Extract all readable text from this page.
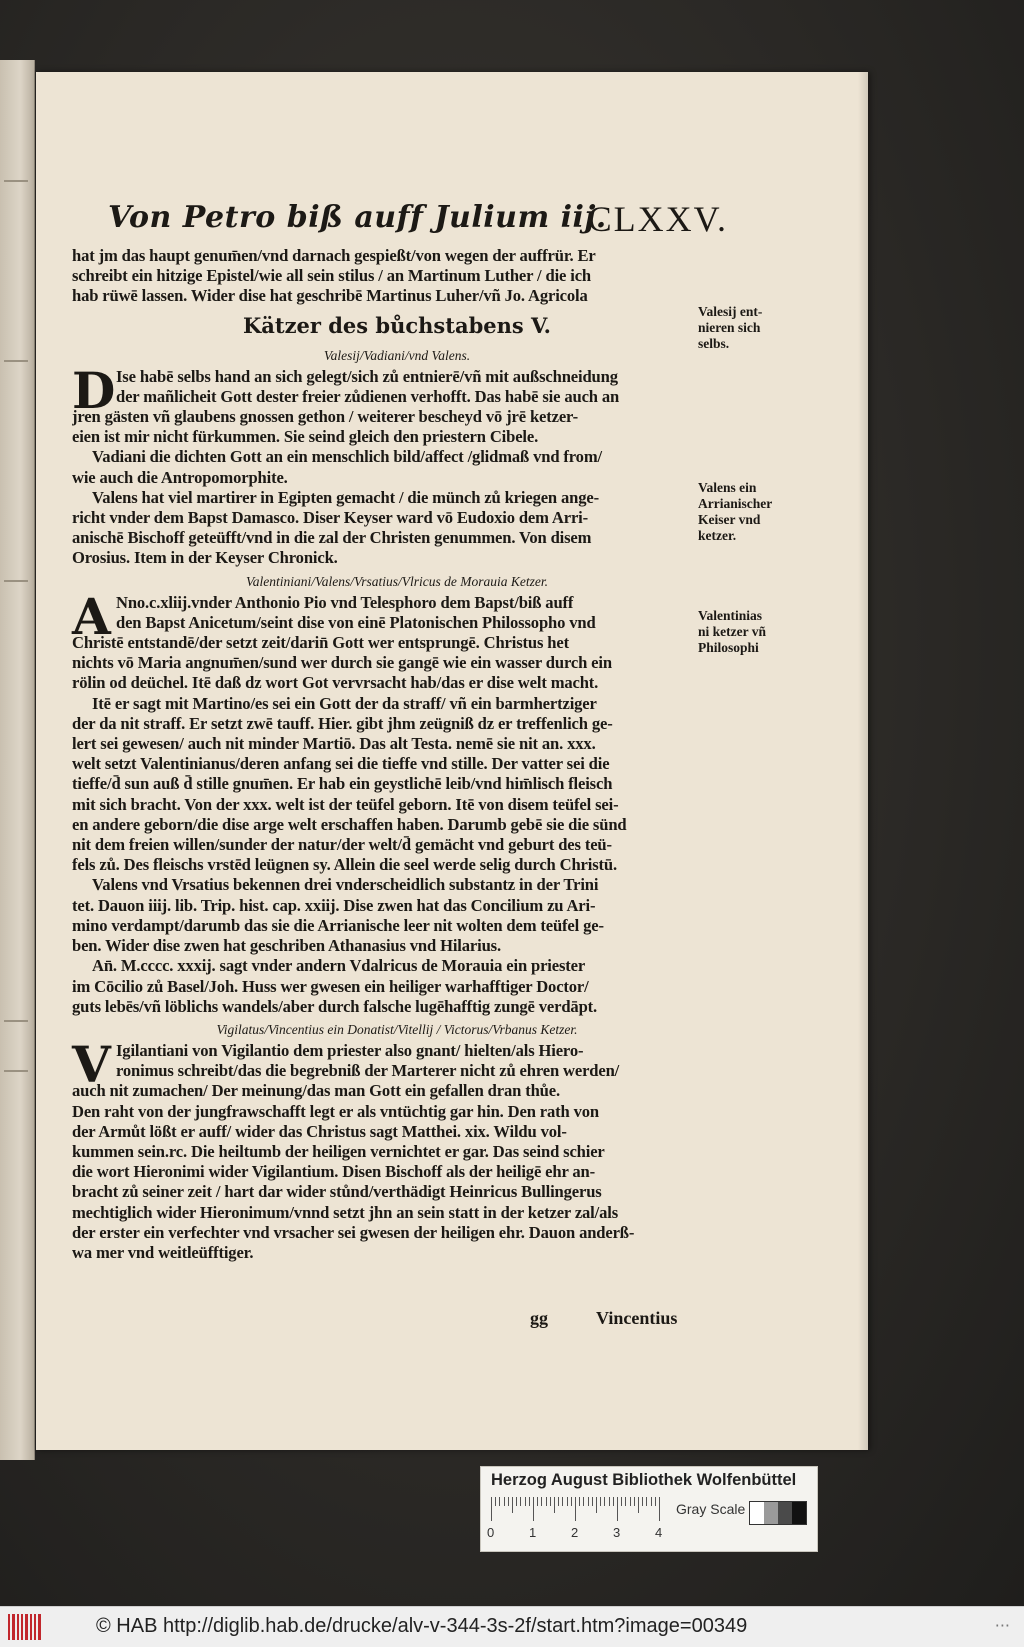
Von Petro biß auff Julium iij.
CLXXV.
hat jm das haupt genum̄en/vnd darnach gespießt/von wegen der auffrür. Er
schreibt ein hitzige Epistel/wie all sein stilus / an Martinum Luther / die ich
hab rüwē lassen. Wider dise hat geschribē Martinus Luher/vñ Jo. Agricola
Kätzer des bůchstabens V.
Valesij/Vadiani/vnd Valens.
D Ise habē selbs hand an sich gelegt/sich zů entnierē/vñ mit außschneidung
der mañlicheit Gott dester freier zůdienen verhofft. Das habē sie auch an
jren gästen vñ glaubens gnossen gethon / weiterer bescheyd vō jrē ketzer-
eien ist mir nicht fürkummen. Sie seind gleich den priestern Cibele.
Vadiani die dichten Gott an ein menschlich bild/affect /glidmaß vnd from/
wie auch die Antropomorphite.
Valens hat viel martirer in Egipten gemacht / die münch zů kriegen ange-
richt vnder dem Bapst Damasco. Diser Keyser ward vō Eudoxio dem Arri-
anischē Bischoff geteüfft/vnd in die zal der Christen genummen. Von disem
Orosius. Item in der Keyser Chronick.
Valentiniani/Valens/Vrsatius/Vlricus de Morauia Ketzer.
A Nno.c.xliij.vnder Anthonio Pio vnd Telesphoro dem Bapst/biß auff
den Bapst Anicetum/seint dise von einē Platonischen Philossopho vnd
Christē entstandē/der setzt zeit/darin̄ Gott wer entsprungē. Christus het
nichts vō Maria angnum̄en/sund wer durch sie gangē wie ein wasser durch ein
rölin od deüchel. Itē daß dz wort Got vervrsacht hab/das er dise welt macht.
Itē er sagt mit Martino/es sei ein Gott der da straff/ vñ ein barmhertziger
der da nit straff. Er setzt zwē tauff. Hier. gibt jhm zeügniß dz er treffenlich ge-
lert sei gewesen/ auch nit minder Martiō. Das alt Testa. nemē sie nit an. xxx.
welt setzt Valentinianus/deren anfang sei die tieffe vnd stille. Der vatter sei die
tieffe/d̄ sun auß d̄ stille gnum̄en. Er hab ein geystlichē leib/vnd him̄lisch fleisch
mit sich bracht. Von der xxx. welt ist der teüfel geborn. Itē von disem teüfel sei-
en andere geborn/die dise arge welt erschaffen haben. Darumb gebē sie die sünd
nit dem freien willen/sunder der natur/der welt/d̄ gemächt vnd geburt des teü-
fels zů. Des fleischs vrstēd leügnen sy. Allein die seel werde selig durch Christū.
Valens vnd Vrsatius bekennen drei vnderscheidlich substantz in der Trini
tet. Dauon iiij. lib. Trip. hist. cap. xxiij. Dise zwen hat das Concilium zu Ari-
mino verdampt/darumb das sie die Arrianische leer nit wolten dem teüfel ge-
ben. Wider dise zwen hat geschriben Athanasius vnd Hilarius.
An̄. M.cccc. xxxij. sagt vnder andern Vdalricus de Morauia ein priester
im Cōcilio zů Basel/Joh. Huss wer gwesen ein heiliger warhafftiger Doctor/
guts lebēs/vñ löblichs wandels/aber durch falsche lugēhafftig zungē verdāpt.
Vigilatus/Vincentius ein Donatist/Vitellij / Victorus/Vrbanus Ketzer.
V Igilantiani von Vigilantio dem priester also gnant/ hielten/als Hiero-
ronimus schreibt/das die begrebniß der Marterer nicht zů ehren werden/
auch nit zumachen/ Der meinung/das man Gott ein gefallen dran thůe.
Den raht von der jungfrawschafft legt er als vntüchtig gar hin. Den rath von
der Armůt lößt er auff/ wider das Christus sagt Matthei. xix. Wildu vol-
kummen sein.rc. Die heiltumb der heiligen vernichtet er gar. Das seind schier
die wort Hieronimi wider Vigilantium. Disen Bischoff als der heiligē ehr an-
bracht zů seiner zeit / hart dar wider stůnd/verthädigt Heinricus Bullingerus
mechtiglich wider Hieronimum/vnnd setzt jhn an sein statt in der ketzer zal/als
der erster ein verfechter vnd vrsacher sei gwesen der heiligen ehr. Dauon anderß-
wa mer vnd weitleüfftiger.
Valesij ent-
nieren sich
selbs.
Valens ein
Arrianischer
Keiser vnd
ketzer.
Valentinias
ni ketzer vñ
Philosophi
gg	Vincentius
Herzog August Bibliothek Wolfenbüttel
0	1	2	3	4
Gray Scale
© HAB http://diglib.hab.de/drucke/alv-v-344-3s-2f/start.htm?image=00349	···
